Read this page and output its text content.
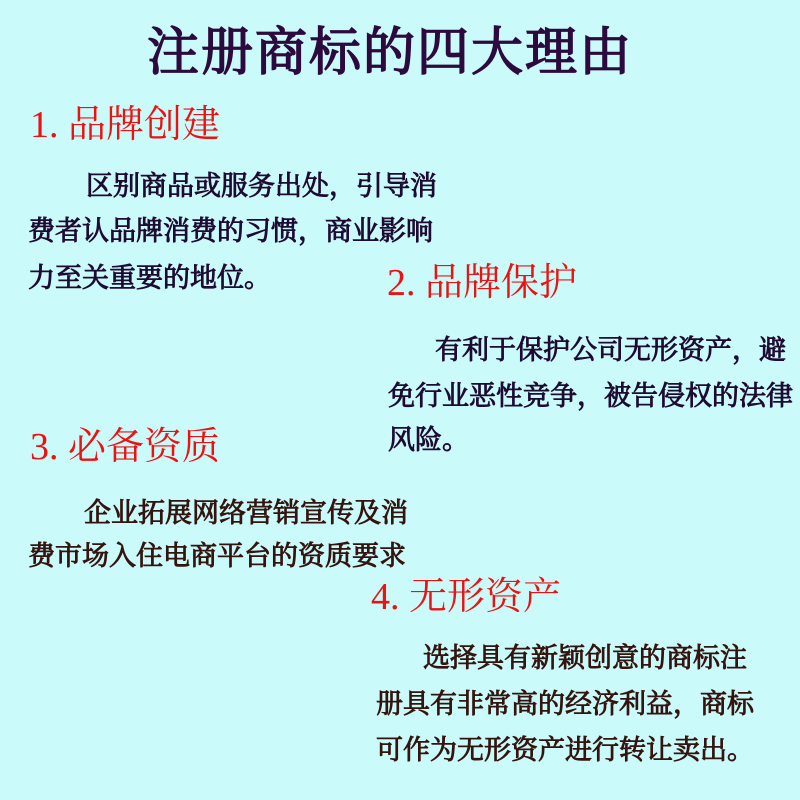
注册商标的四大理由
1. 品牌创建
区别商品或服务出处，引导消
费者认品牌消费的习惯，商业影响
力至关重要的地位。	2. 品牌保护
有利于保护公司无形资产，避
免行业恶性竞争，被告侵权的法律
风险。
3. 必备资质
企业拓展网络营销宣传及消
费市场入住电商平台的资质要求
4. 无形资产
选择具有新颖创意的商标注
册具有非常高的经济利益，商标
可作为无形资产进行转让卖出。
